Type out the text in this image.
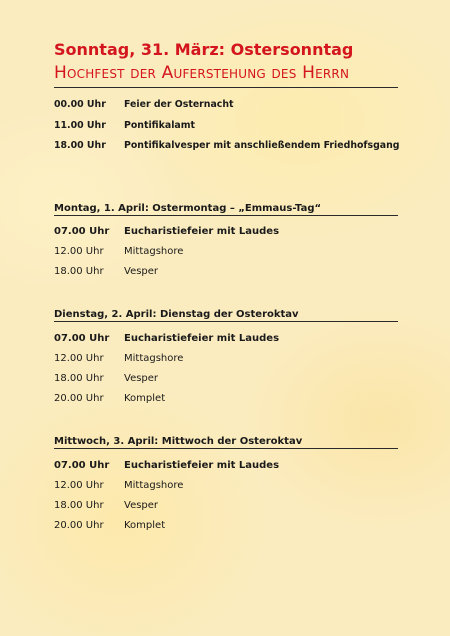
Sonntag, 31. März: Ostersonntag
Hochfest der Auferstehung des Herrn
00.00 Uhr	Feier der Osternacht
11.00 Uhr	Pontifikalamt
18.00 Uhr	Pontifikalvesper mit anschließendem Friedhofsgang
Montag, 1. April: Ostermontag – „Emmaus-Tag“
07.00 Uhr	Eucharistiefeier mit Laudes
12.00 Uhr	Mittagshore
18.00 Uhr	Vesper
Dienstag, 2. April: Dienstag der Osteroktav
07.00 Uhr	Eucharistiefeier mit Laudes
12.00 Uhr	Mittagshore
18.00 Uhr	Vesper
20.00 Uhr	Komplet
Mittwoch, 3. April: Mittwoch der Osteroktav
07.00 Uhr	Eucharistiefeier mit Laudes
12.00 Uhr	Mittagshore
18.00 Uhr	Vesper
20.00 Uhr	Komplet
